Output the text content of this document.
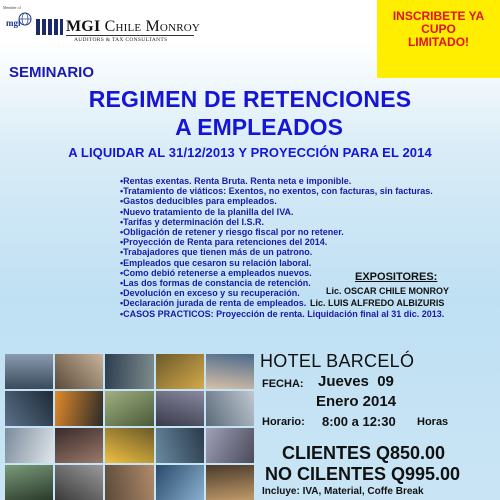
Member of
mgi	MGI Chile Monroy
AUDITORS & TAX CONSULTANTS
INSCRIBETE YA
CUPO
LIMITADO!
SEMINARIO
REGIMEN DE RETENCIONES
A EMPLEADOS
A LIQUIDAR AL 31/12/2013 Y PROYECCIÓN PARA EL 2014
•Rentas exentas. Renta Bruta. Renta neta e imponible.
•Tratamiento de viáticos: Exentos, no exentos, con facturas, sin facturas.
•Gastos deducibles para empleados.
•Nuevo tratamiento de la planilla del IVA.
•Tarifas y determinación del I.S.R.
•Obligación de retener y riesgo fiscal por no retener.
•Proyección de Renta para retenciones del 2014.
•Trabajadores que tienen más de un patrono.
•Empleados que cesaron su relación laboral.
•Como debió retenerse a empleados nuevos.
•Las dos formas de constancia de retención.
•Devolución en exceso y su recuperación.
•Declaración jurada de renta de empleados.
•CASOS PRACTICOS: Proyección de renta. Liquidación final al 31 dic. 2013.
EXPOSITORES:
Lic. OSCAR CHILE MONROY
Lic. LUIS ALFREDO ALBIZURIS
HOTEL BARCELÓ
FECHA: Jueves  09
Enero 2014
Horario: 8:00 a 12:30 Horas
CLIENTES Q850.00
NO CILENTES Q995.00
Incluye: IVA, Material, Coffe Break
